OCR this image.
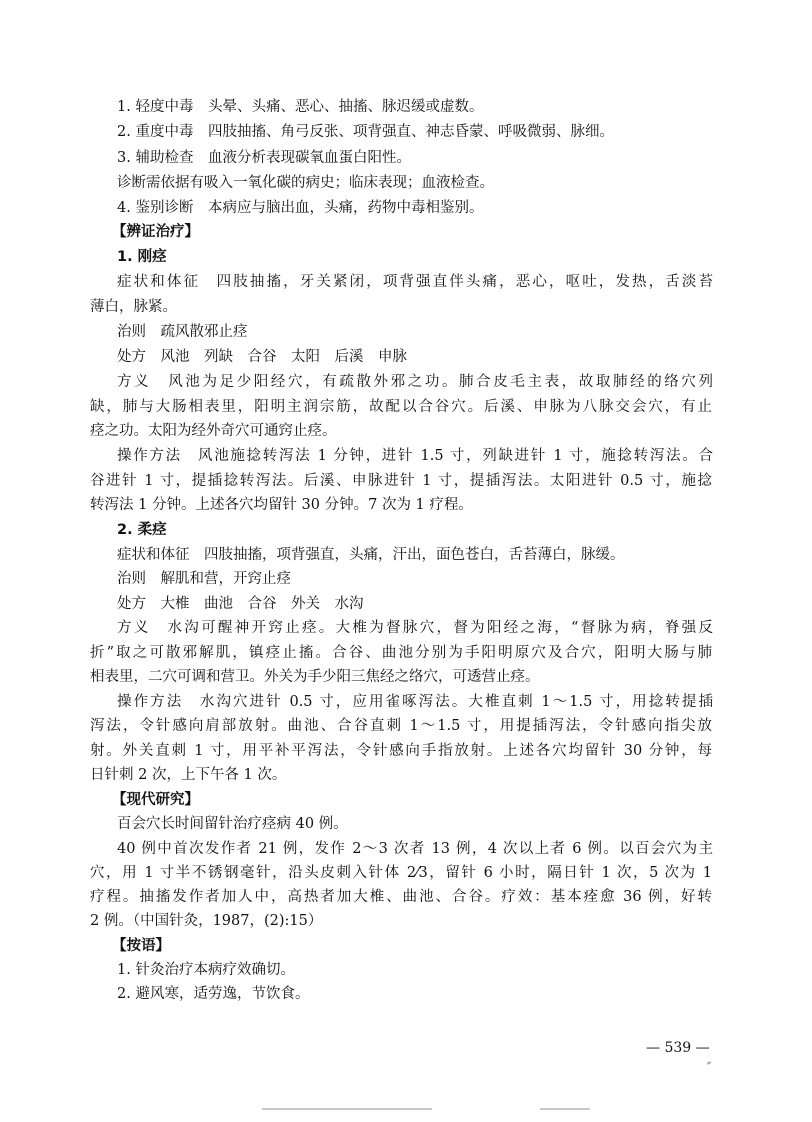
1. 轻度中毒　头晕、头痛、恶心、抽搐、脉迟缓或虚数。
2. 重度中毒　四肢抽搐、角弓反张、项背强直、神志昏蒙、呼吸微弱、脉细。
3. 辅助检查　血液分析表现碳氧血蛋白阳性。
诊断需依据有吸入一氧化碳的病史；临床表现；血液检查。
4. 鉴别诊断　本病应与脑出血，头痛，药物中毒相鉴别。
【辨证治疗】
1. 刚痉
症状和体征　四肢抽搐，牙关紧闭，项背强直伴头痛，恶心，呕吐，发热，舌淡苔
薄白，脉紧。
治则　疏风散邪止痉
处方　风池　列缺　合谷　太阳　后溪　申脉
方义　风池为足少阳经穴，有疏散外邪之功。肺合皮毛主表，故取肺经的络穴列
缺，肺与大肠相表里，阳明主润宗筋，故配以合谷穴。后溪、申脉为八脉交会穴，有止
痉之功。太阳为经外奇穴可通窍止痉。
操作方法　风池施捻转泻法 1 分钟，进针 1.5 寸，列缺进针 1 寸，施捻转泻法。合
谷进针 1 寸，提插捻转泻法。后溪、申脉进针 1 寸，提插泻法。太阳进针 0.5 寸，施捻
转泻法 1 分钟。上述各穴均留针 30 分钟。7 次为 1 疗程。
2. 柔痉
症状和体征　四肢抽搐，项背强直，头痛，汗出，面色苍白，舌苔薄白，脉缓。
治则　解肌和营，开窍止痉
处方　大椎　曲池　合谷　外关　水沟
方义　水沟可醒神开窍止痉。大椎为督脉穴，督为阳经之海，“督脉为病，脊强反
折”取之可散邪解肌，镇痉止搐。合谷、曲池分别为手阳明原穴及合穴，阳明大肠与肺
相表里，二穴可调和营卫。外关为手少阳三焦经之络穴，可透营止痉。
操作方法　水沟穴进针 0.5 寸，应用雀啄泻法。大椎直刺 1～1.5 寸，用捻转提插
泻法，令针感向肩部放射。曲池、合谷直刺 1～1.5 寸，用提插泻法，令针感向指尖放
射。外关直刺 1 寸，用平补平泻法，令针感向手指放射。上述各穴均留针 30 分钟，每
日针刺 2 次，上下午各 1 次。
【现代研究】
百会穴长时间留针治疗痉病 40 例。
40 例中首次发作者 21 例，发作 2～3 次者 13 例，4 次以上者 6 例。以百会穴为主
穴，用 1 寸半不锈钢毫针，沿头皮刺入针体 2⁄3，留针 6 小时，隔日针 1 次，5 次为 1
疗程。抽搐发作者加人中，高热者加大椎、曲池、合谷。疗效：基本痊愈 36 例，好转
2 例。（中国针灸，1987，(2):15）
【按语】
1. 针灸治疗本病疗效确切。
2. 避风寒，适劳逸，节饮食。
— 539 —
